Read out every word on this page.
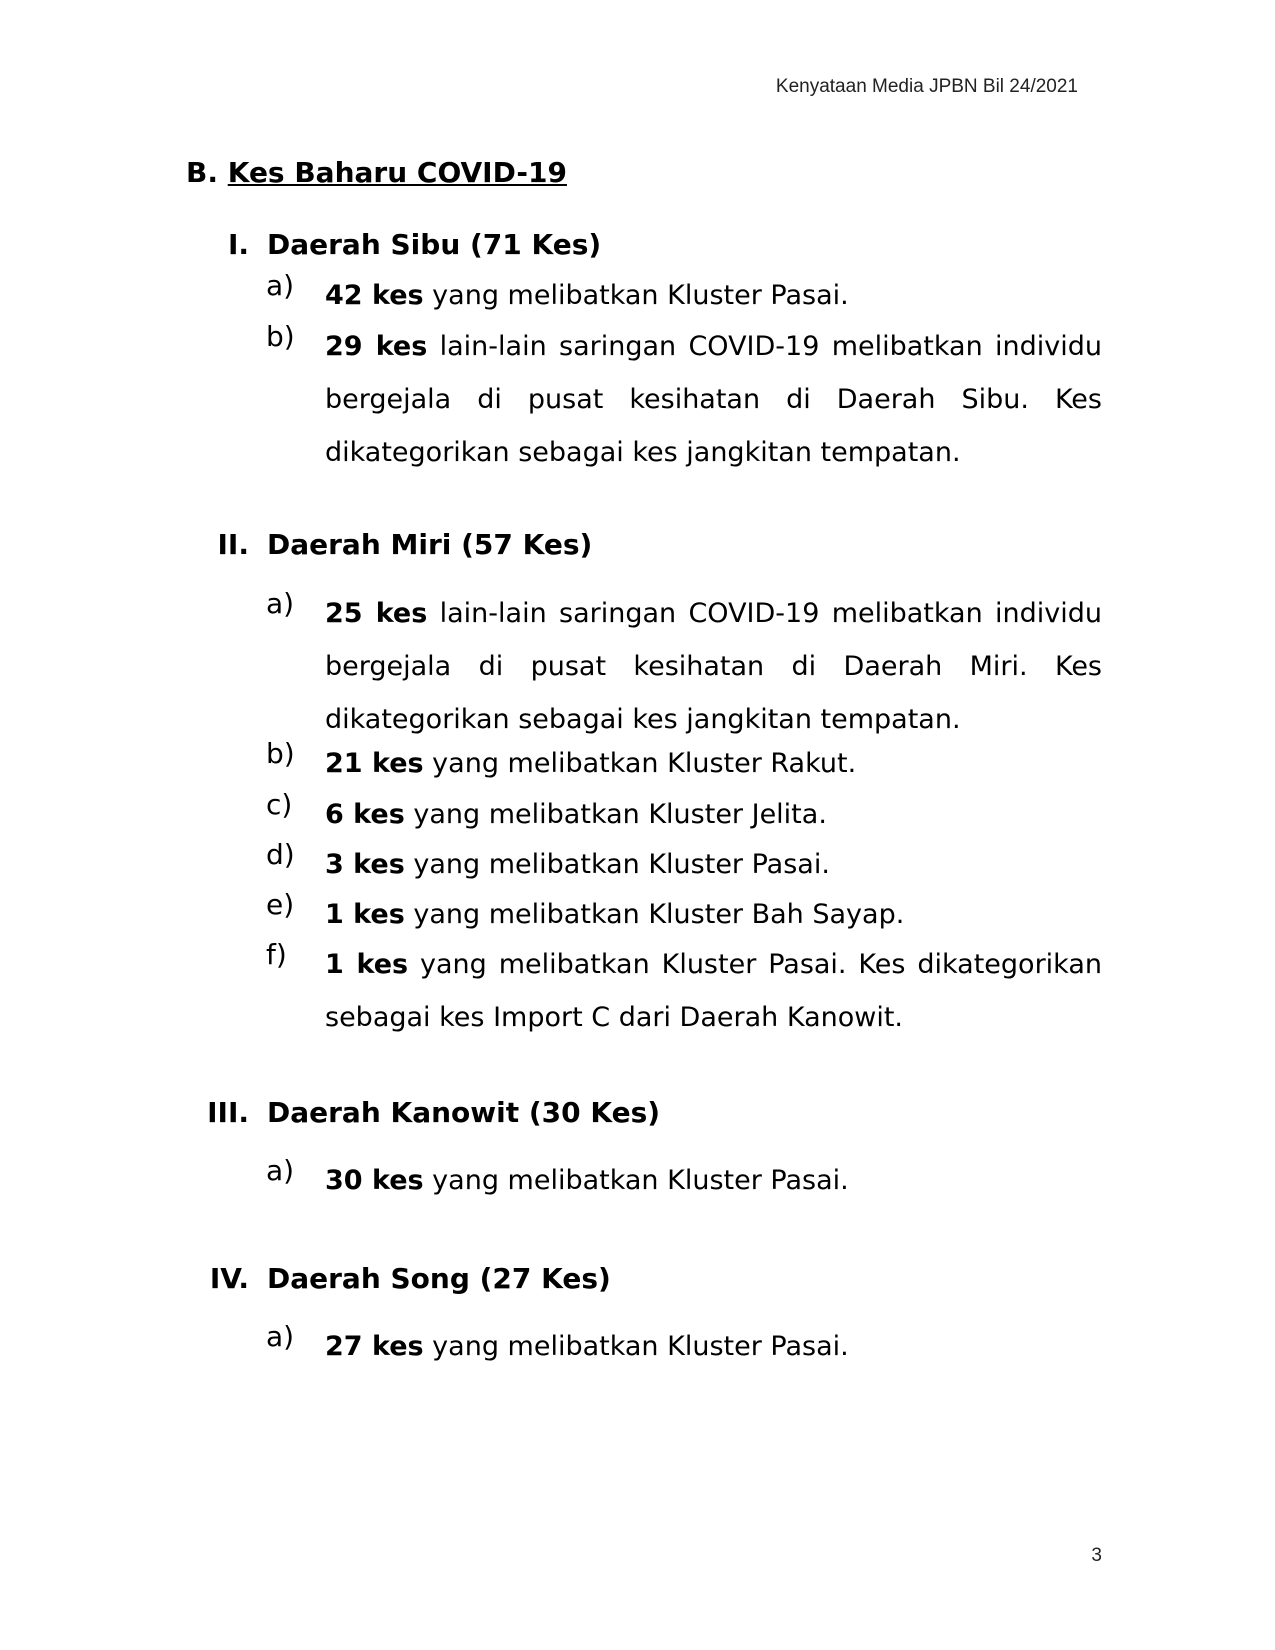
Kenyataan Media JPBN Bil 24/2021
B. Kes Baharu COVID-19
I. Daerah Sibu (71 Kes)
a) 42 kes yang melibatkan Kluster Pasai.
b) 29 kes lain-lain saringan COVID-19 melibatkan individu bergejala di pusat kesihatan di Daerah Sibu. Kes dikategorikan sebagai kes jangkitan tempatan.
II. Daerah Miri (57 Kes)
a) 25 kes lain-lain saringan COVID-19 melibatkan individu bergejala di pusat kesihatan di Daerah Miri. Kes dikategorikan sebagai kes jangkitan tempatan.
b) 21 kes yang melibatkan Kluster Rakut.
c) 6 kes yang melibatkan Kluster Jelita.
d) 3 kes yang melibatkan Kluster Pasai.
e) 1 kes yang melibatkan Kluster Bah Sayap.
f) 1 kes yang melibatkan Kluster Pasai. Kes dikategorikan sebagai kes Import C dari Daerah Kanowit.
III. Daerah Kanowit (30 Kes)
a) 30 kes yang melibatkan Kluster Pasai.
IV. Daerah Song (27 Kes)
a) 27 kes yang melibatkan Kluster Pasai.
3
